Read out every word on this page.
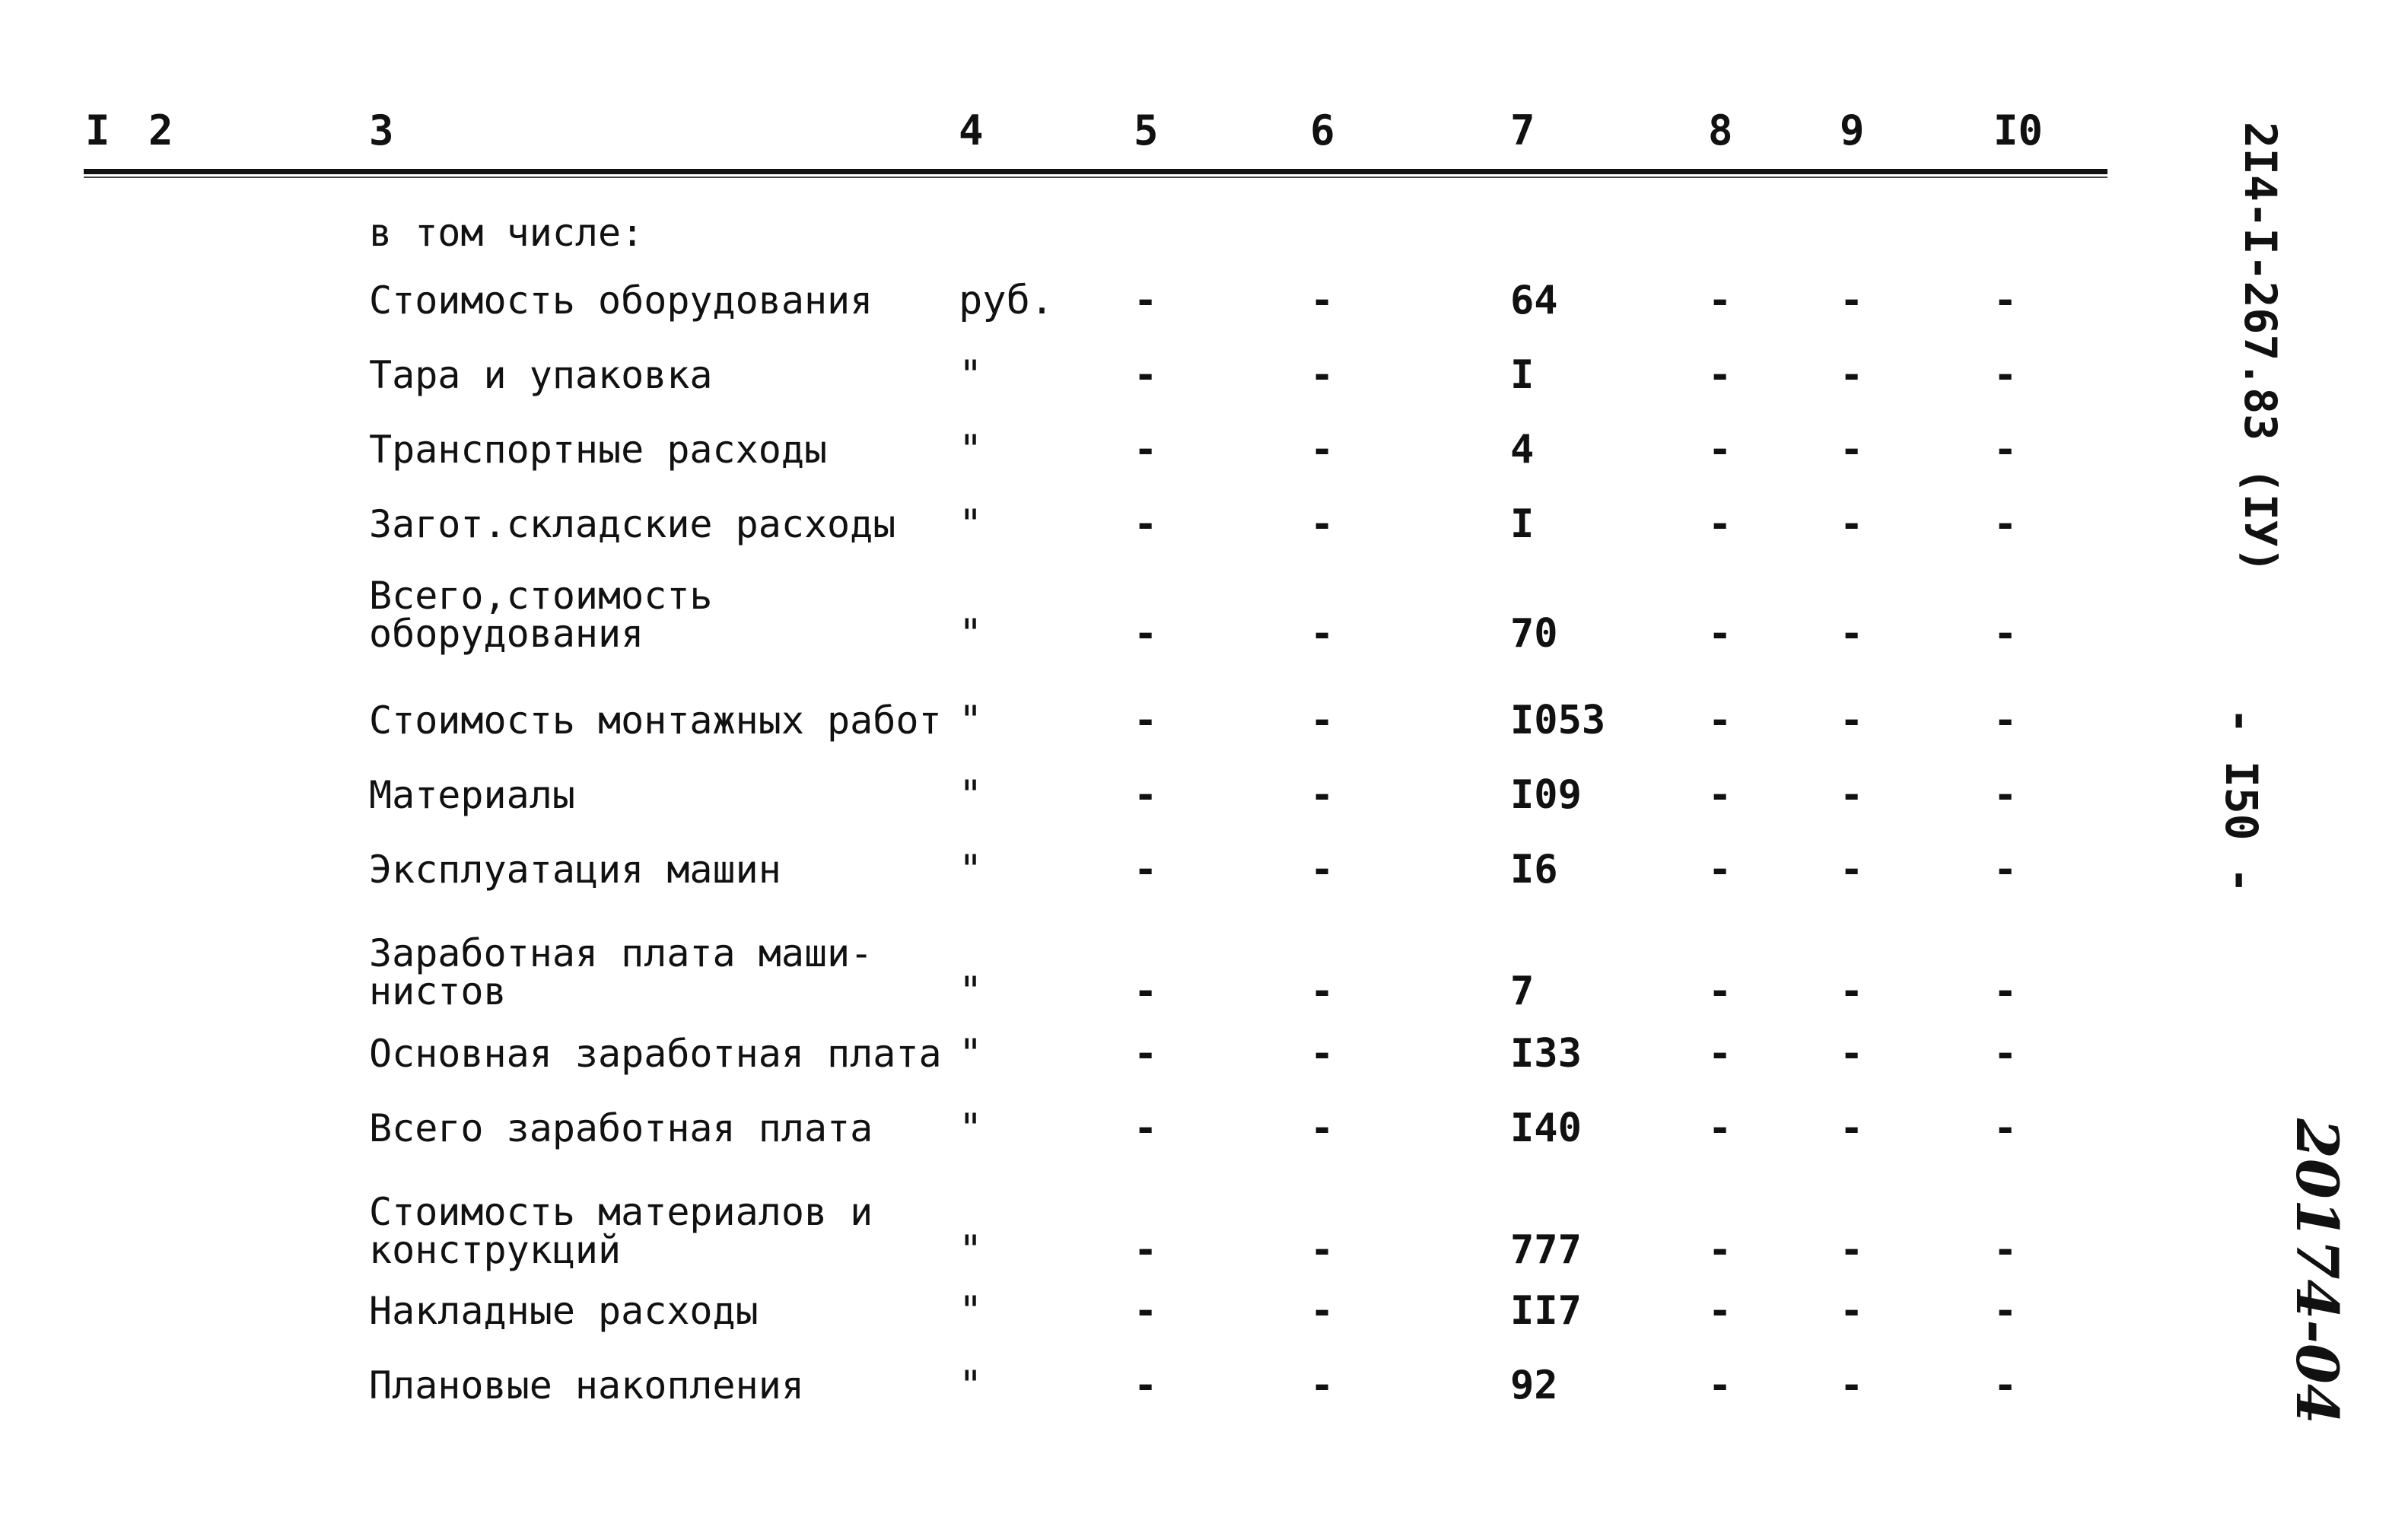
I 2	3	4	5	6	7	8	9	I0
в том числе:
Стоимость оборудования	руб. -	-	64	-	-	-
Тара и упаковка	"	-	-	I	-	-	-
Транспортные расходы	"	-	-	4	-	-	-
Загот.складские расходы	"	-	-	I	-	-	-
Всего,стоимость
оборудования	"	-	-	70	-	-	-
Стоимость монтажных работ "	-	-	I053	-	-	-
Материалы	"	-	-	I09	-	-	-
Эксплуатация машин	"	-	-	I6	-	-	-
Заработная плата маши-
нистов	"	-	-	7	-	-	-
Основная заработная плата "	-	-	I33	-	-	-
Всего заработная плата	"	-	-	I40	-	-	-
Стоимость материалов и
конструкций	"	-	-	777	-	-	-
Накладные расходы	"	-	-	II7	-	-	-
Плановые накопления	"	-	-	92	-	-	-
2I4-I-267.83 (IУ)
- I50 -
20174-04
